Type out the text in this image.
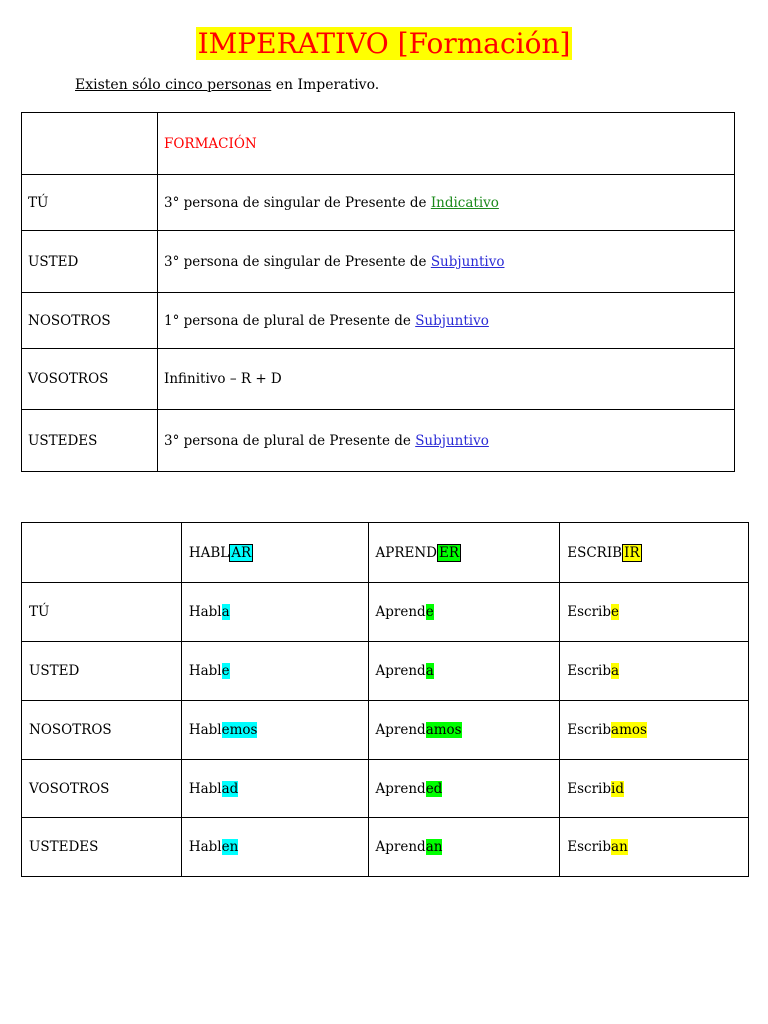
IMPERATIVO [Formación]
Existen sólo cinco personas en Imperativo.
	FORMACIÓN
TÚ	3° persona de singular de Presente de Indicativo
USTED	3° persona de singular de Presente de Subjuntivo
NOSOTROS	1° persona de plural de Presente de Subjuntivo
VOSOTROS	Infinitivo – R + D
USTEDES	3° persona de plural de Presente de Subjuntivo
	HABL AR	APREND ER	ESCRIB IR
TÚ	Habla	Aprende	Escribe
USTED	Hable	Aprenda	Escriba
NOSOTROS	Hablemos	Aprendamos	Escribamos
VOSOTROS	Hablad	Aprended	Escribid
USTEDES	Hablen	Aprendan	Escriban
